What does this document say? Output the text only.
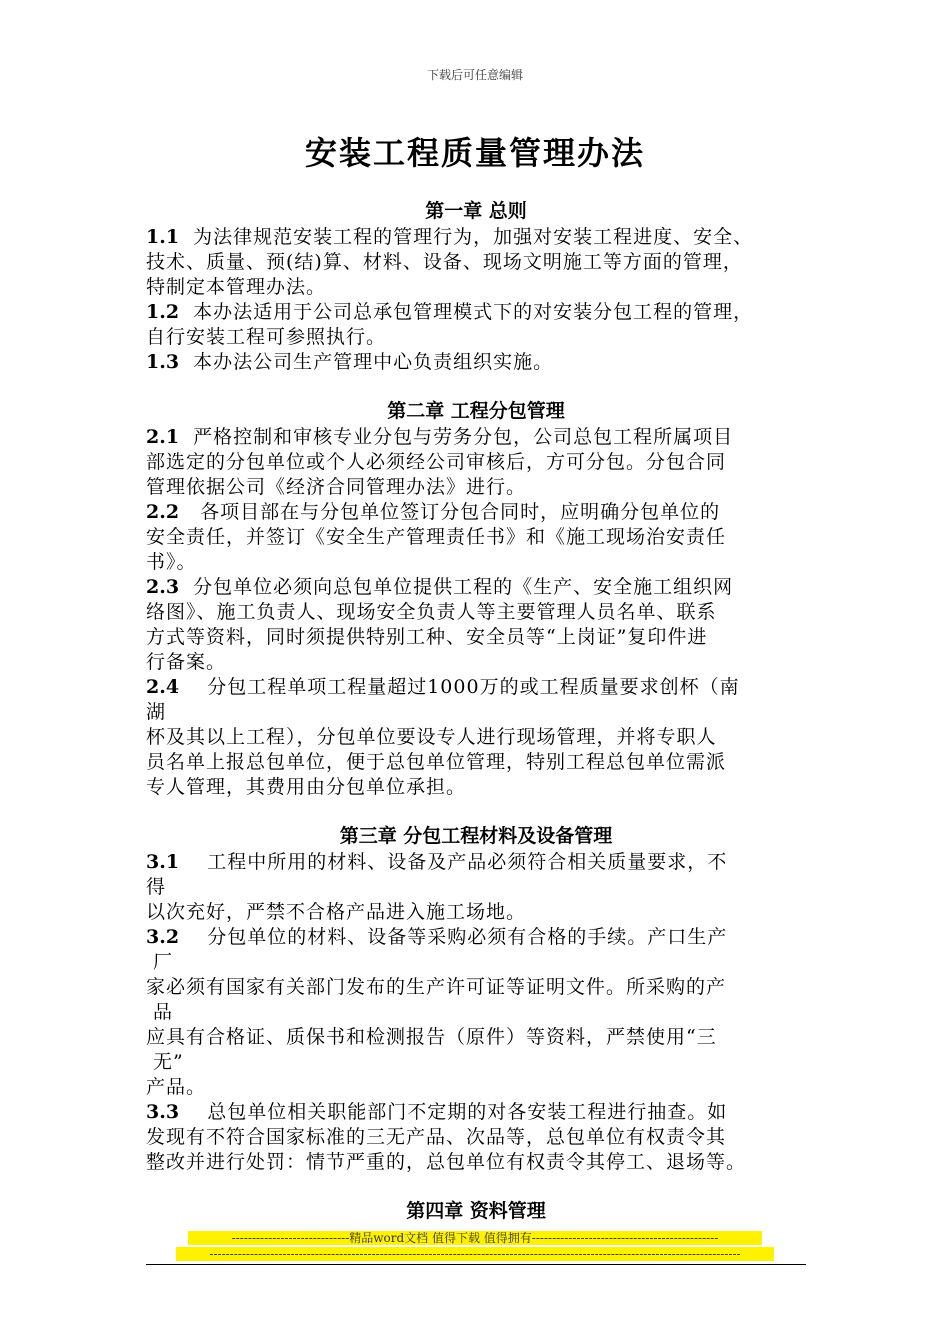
下载后可任意编辑
安装工程质量管理办法
第一章 总则

1.1  为法律规范安装工程的管理行为，加强对安装工程进度、安全、
技术、质量、预(结)算、材料、设备、现场文明施工等方面的管理，
特制定本管理办法。

1.2  本办法适用于公司总承包管理模式下的对安装分包工程的管理，
自行安装工程可参照执行。

1.3  本办法公司生产管理中心负责组织实施。

第二章 工程分包管理

2.1  严格控制和审核专业分包与劳务分包，公司总包工程所属项目
部选定的分包单位或个人必须经公司审核后，方可分包。分包合同
管理依据公司《经济合同管理办法》进行。

2.2   各项目部在与分包单位签订分包合同时，应明确分包单位的
安全责任，并签订《安全生产管理责任书》和《施工现场治安责任
书》。

2.3  分包单位必须向总包单位提供工程的《生产、安全施工组织网
络图》、施工负责人、现场安全负责人等主要管理人员名单、联系
方式等资料，同时须提供特别工种、安全员等“上岗证”复印件进
行备案。

2.4    分包工程单项工程量超过1000万的或工程质量要求创杯（南
湖
杯及其以上工程），分包单位要设专人进行现场管理，并将专职人
员名单上报总包单位，便于总包单位管理，特别工程总包单位需派
专人管理，其费用由分包单位承担。

第三章 分包工程材料及设备管理

3.1    工程中所用的材料、设备及产品必须符合相关质量要求，不
得
以次充好，严禁不合格产品进入施工场地。

3.2    分包单位的材料、设备等采购必须有合格的手续。产口生产
厂
家必须有国家有关部门发布的生产许可证等证明文件。所采购的产
品
应具有合格证、质保书和检测报告（原件）等资料，严禁使用“三
无”
产品。

3.3    总包单位相关职能部门不定期的对各安装工程进行抽查。如
发现有不符合国家标准的三无产品、次品等，总包单位有权责令其
整改并进行处罚：情节严重的，总包单位有权责令其停工、退场等。

第四章 资料管理
-----------------------------精品word文档 值得下载 值得拥有----------------------------------------------
-----------------------------------------------------------------------------------------------------------------------------------
